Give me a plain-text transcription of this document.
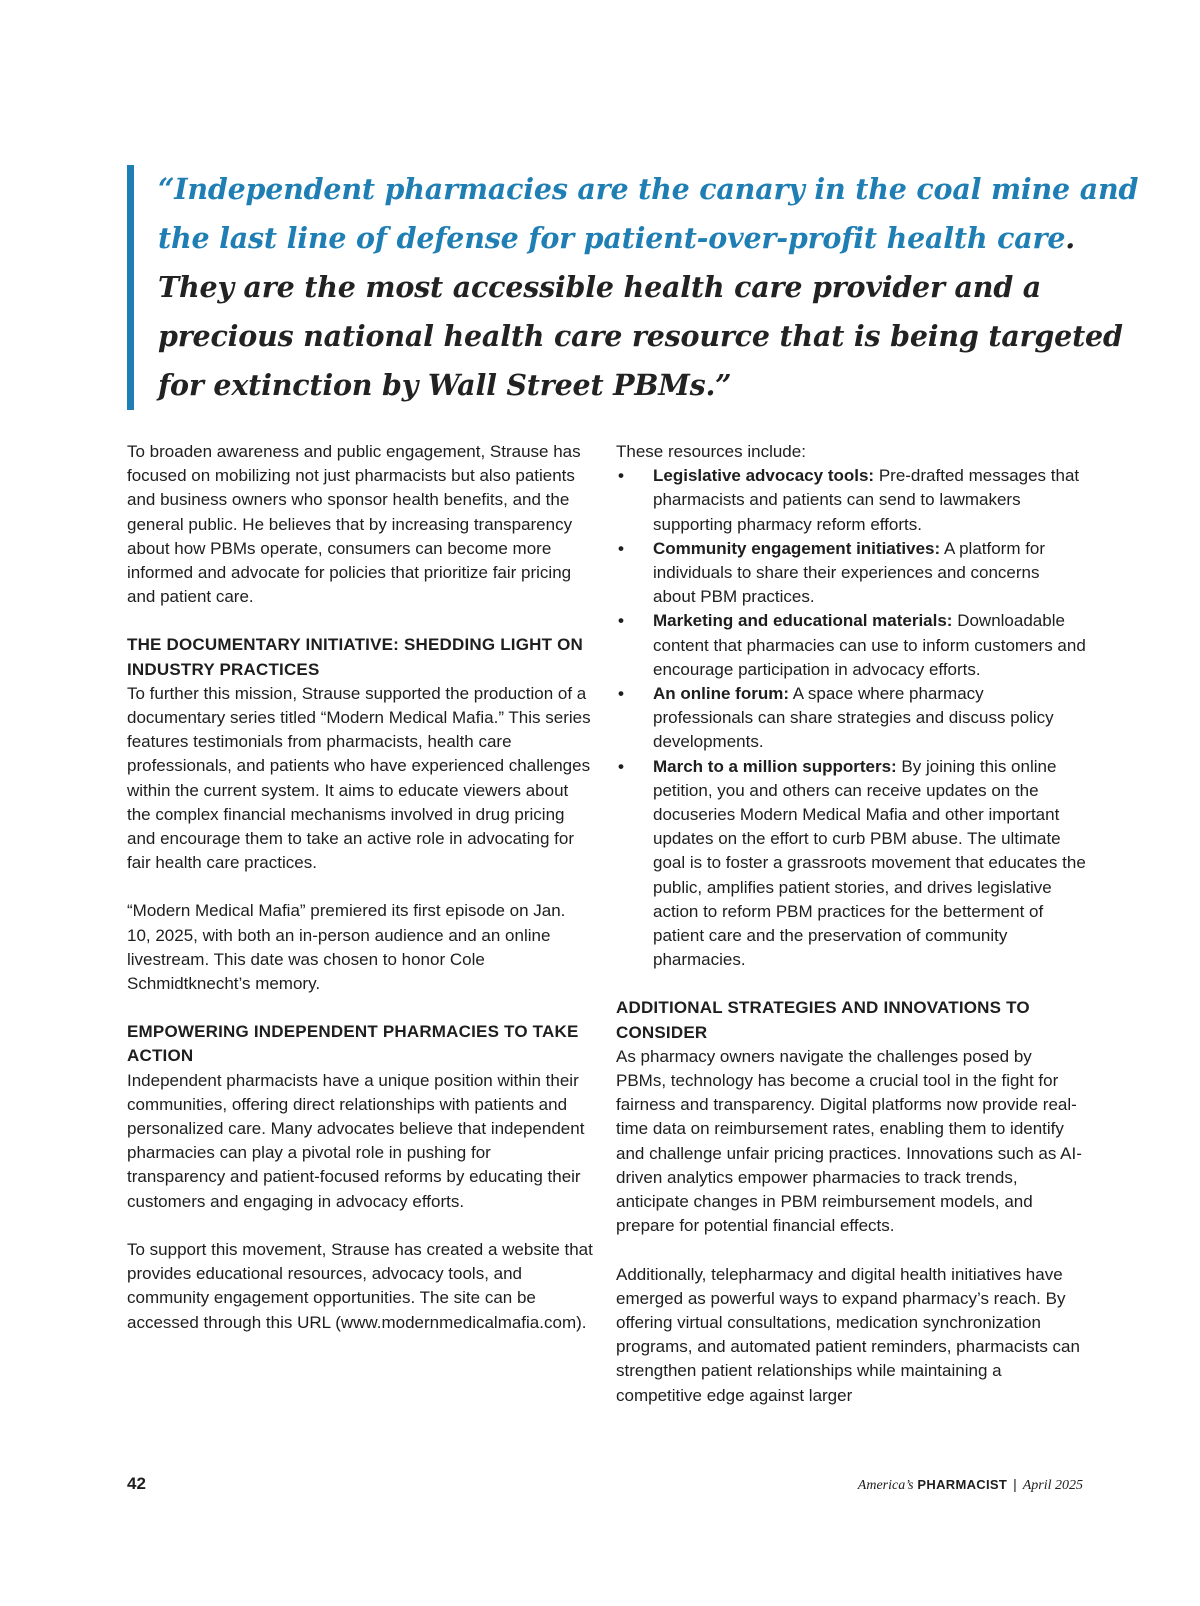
“Independent pharmacies are the canary in the coal mine and the last line of defense for patient-over-profit health care. They are the most accessible health care provider and a precious national health care resource that is being targeted for extinction by Wall Street PBMs.”

To broaden awareness and public engagement, Strause has focused on mobilizing not just pharmacists but also patients and business owners who sponsor health benefits, and the general public. He believes that by increasing transparency about how PBMs operate, consumers can become more informed and advocate for policies that prioritize fair pricing and patient care.

THE DOCUMENTARY INITIATIVE: SHEDDING LIGHT ON INDUSTRY PRACTICES

To further this mission, Strause supported the production of a documentary series titled “Modern Medical Mafia.” This series features testimonials from pharmacists, health care professionals, and patients who have experienced challenges within the current system. It aims to educate viewers about the complex financial mechanisms involved in drug pricing and encourage them to take an active role in advocating for fair health care practices.

“Modern Medical Mafia” premiered its first episode on Jan. 10, 2025, with both an in-person audience and an online livestream. This date was chosen to honor Cole Schmidtknecht’s memory.

EMPOWERING INDEPENDENT PHARMACIES TO TAKE ACTION

Independent pharmacists have a unique position within their communities, offering direct relationships with patients and personalized care. Many advocates believe that independent pharmacies can play a pivotal role in pushing for transparency and patient-focused reforms by educating their customers and engaging in advocacy efforts.

To support this movement, Strause has created a website that provides educational resources, advocacy tools, and community engagement opportunities. The site can be accessed through this URL (www.modernmedicalmafia.com).

These resources include:

• Legislative advocacy tools: Pre-drafted messages that pharmacists and patients can send to lawmakers supporting pharmacy reform efforts.
• Community engagement initiatives: A platform for individuals to share their experiences and concerns about PBM practices.
• Marketing and educational materials: Downloadable content that pharmacies can use to inform customers and encourage participation in advocacy efforts.
• An online forum: A space where pharmacy professionals can share strategies and discuss policy developments.
• March to a million supporters: By joining this online petition, you and others can receive updates on the docuseries Modern Medical Mafia and other important updates on the effort to curb PBM abuse. The ultimate goal is to foster a grassroots movement that educates the public, amplifies patient stories, and drives legislative action to reform PBM practices for the betterment of patient care and the preservation of community pharmacies.
ADDITIONAL STRATEGIES AND INNOVATIONS TO CONSIDER

As pharmacy owners navigate the challenges posed by PBMs, technology has become a crucial tool in the fight for fairness and transparency. Digital platforms now provide real-time data on reimbursement rates, enabling them to identify and challenge unfair pricing practices. Innovations such as AI-driven analytics empower pharmacies to track trends, anticipate changes in PBM reimbursement models, and prepare for potential financial effects.

Additionally, telepharmacy and digital health initiatives have emerged as powerful ways to expand pharmacy’s reach. By offering virtual consultations, medication synchronization programs, and automated patient reminders, pharmacists can strengthen patient relationships while maintaining a competitive edge against larger

42	America’s PHARMACIST | April 2025
